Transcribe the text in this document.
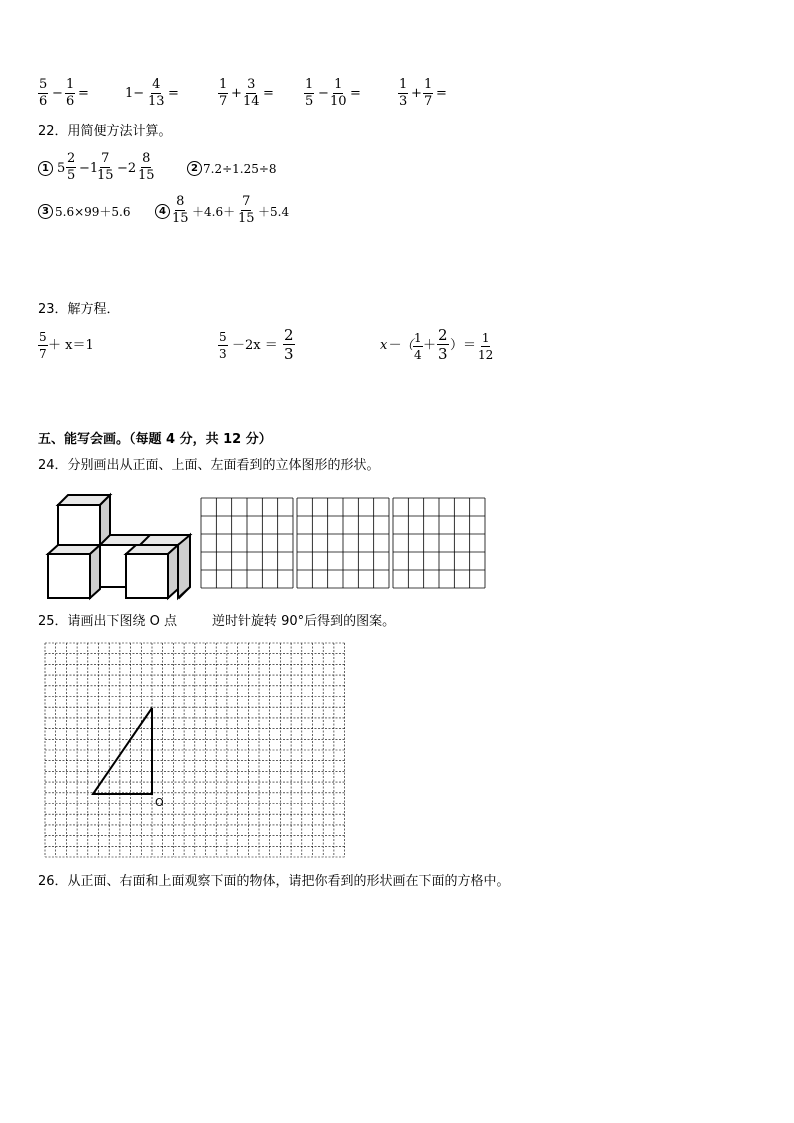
$\frac{5}{6} - \frac{1}{6}$ =	$1- \frac{4}{13}$ =	$\frac{1}{7} + \frac{3}{14} = \frac{1}{5} - \frac{1}{10}$ =	$\frac{1}{3} + \frac{1}{7}$ =
22．用简便方法计算。
1 $5 \frac{2}{5} -1$
$\frac{7}{15} -2 \frac{8}{15}$	2 7.2÷1.25÷8
3 5.6×99＋5.6	$4 \frac{8}{15} +4.6+ \frac{7}{15} +5.4$
23．解方程．
$\frac{5}{7} + x=1$	$\frac{5}{3} -2x = \frac{2}{3}$	$x-( \frac{1}{4} + \frac{2}{3}$ ）＝ $\frac{1}{12}$
五、能写会画。（每题 4 分，共 12 分）
24．分别画出从正面、上面、左面看到的立体图形的形状。
25．请画出下图绕 O 点	逆时针旋转 90°后得到的图案。
O
26．从正面、右面和上面观察下面的物体，请把你看到的形状画在下面的方格中。
